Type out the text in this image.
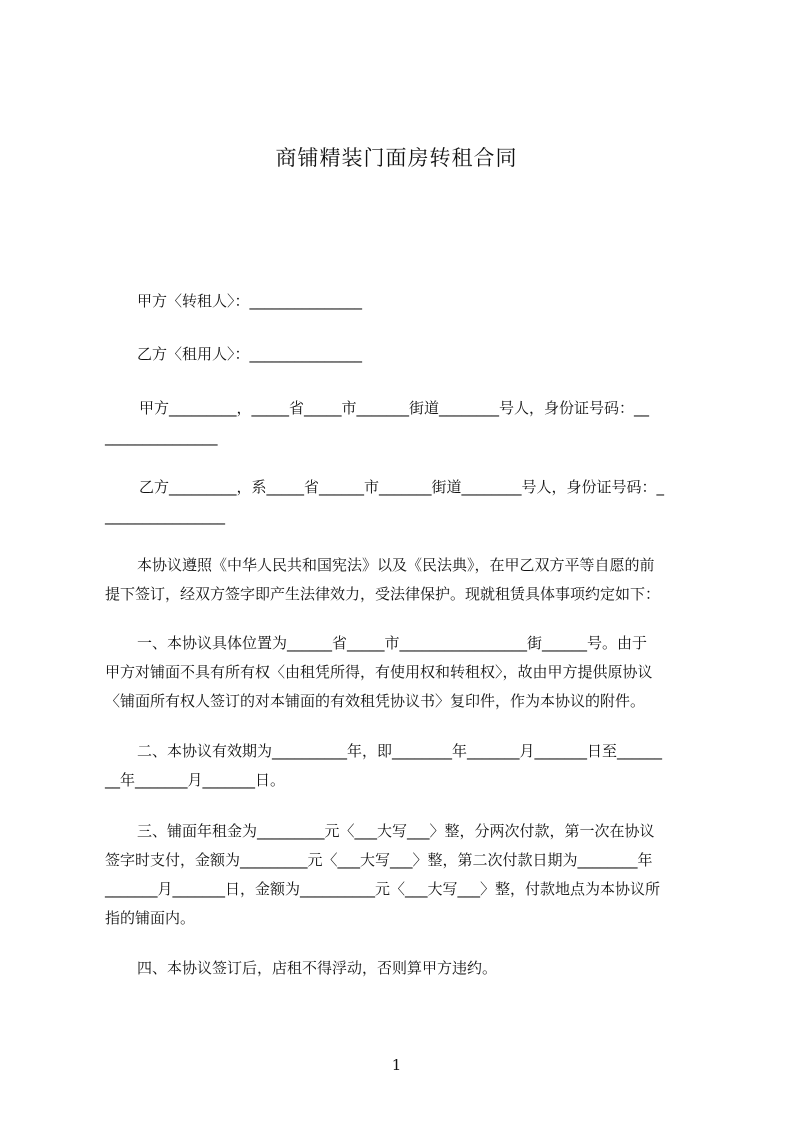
商铺精装门面房转租合同
甲方〈转租人〉：_______________
乙方〈租用人〉：_______________
甲方_________，_____省_____市_______街道________号人，身份证号码：__
_______________
乙方_________，系_____省______市_______街道________号人，身份证号码：_
________________
本协议遵照《中华人民共和国宪法》以及《民法典》，在甲乙双方平等自愿的前
提下签订，经双方签字即产生法律效力，受法律保护。现就租赁具体事项约定如下：
一、本协议具体位置为______省_____市_________________街______号。由于
甲方对铺面不具有所有权〈由租凭所得，有使用权和转租权〉，故由甲方提供原协议
〈铺面所有权人签订的对本铺面的有效租凭协议书〉复印件，作为本协议的附件。
二、本协议有效期为__________年，即________年_______月_______日至______
__年_______月_______日。
三、铺面年租金为_________元〈___大写___〉整，分两次付款，第一次在协议
签字时支付，金额为_________元〈___大写___〉整，第二次付款日期为________年
_______月_______日，金额为__________元〈___大写___〉整，付款地点为本协议所
指的铺面内。
四、本协议签订后，店租不得浮动，否则算甲方违约。
1
